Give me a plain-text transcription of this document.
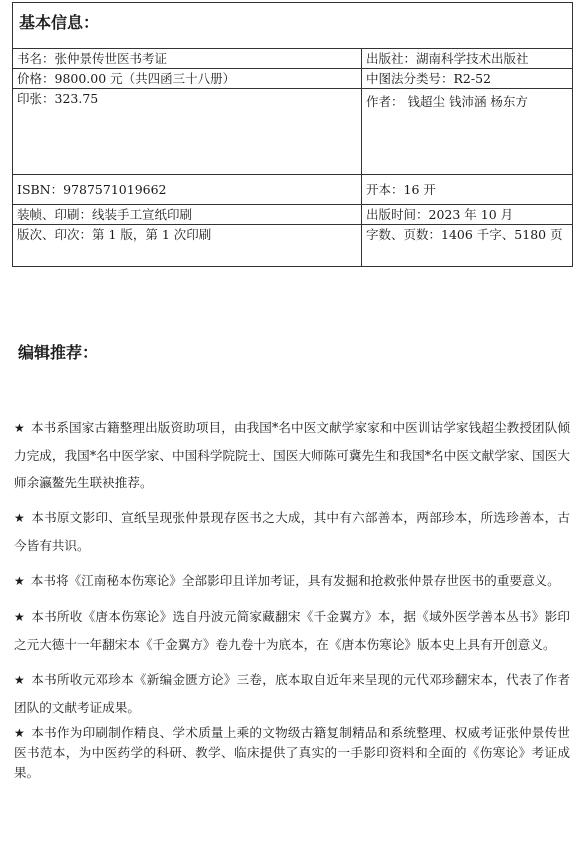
基本信息：	
书名：张仲景传世医书考证	出版社：湖南科学技术出版社
价格：9800.00 元（共四函三十八册）	中图法分类号：R2-52
印张：323.75	作者： 钱超尘 钱沛涵 杨东方
ISBN：9787571019662	开本：16 开
装帧、印刷：线装手工宣纸印刷	出版时间：2023 年 10 月
版次、印次：第 1 版，第 1 次印刷	字数、页数：1406 千字、5180 页
编辑推荐：
★ 本书系国家古籍整理出版资助项目，由我国*名中医文献学家家和中医训诂学家钱超尘教授团队倾力完成，我国*名中医学家、中国科学院院士、国医大师陈可冀先生和我国*名中医文献学家、国医大师余瀛鳌先生联袂推荐。
★ 本书原文影印、宣纸呈现张仲景现存医书之大成，其中有六部善本，两部珍本，所选珍善本，古今皆有共识。
★ 本书将《江南秘本伤寒论》全部影印且详加考证，具有发掘和抢救张仲景存世医书的重要意义。
★ 本书所收《唐本伤寒论》选自丹波元简家藏翻宋《千金翼方》本，据《域外医学善本丛书》影印之元大德十一年翻宋本《千金翼方》卷九卷十为底本，在《唐本伤寒论》版本史上具有开创意义。
★ 本书所收元邓珍本《新编金匮方论》三卷，底本取自近年来呈现的元代邓珍翻宋本，代表了作者团队的文献考证成果。
★ 本书作为印刷制作精良、学术质量上乘的文物级古籍复制精品和系统整理、权威考证张仲景传世医书范本，为中医药学的科研、教学、临床提供了真实的一手影印资料和全面的《伤寒论》考证成果。
